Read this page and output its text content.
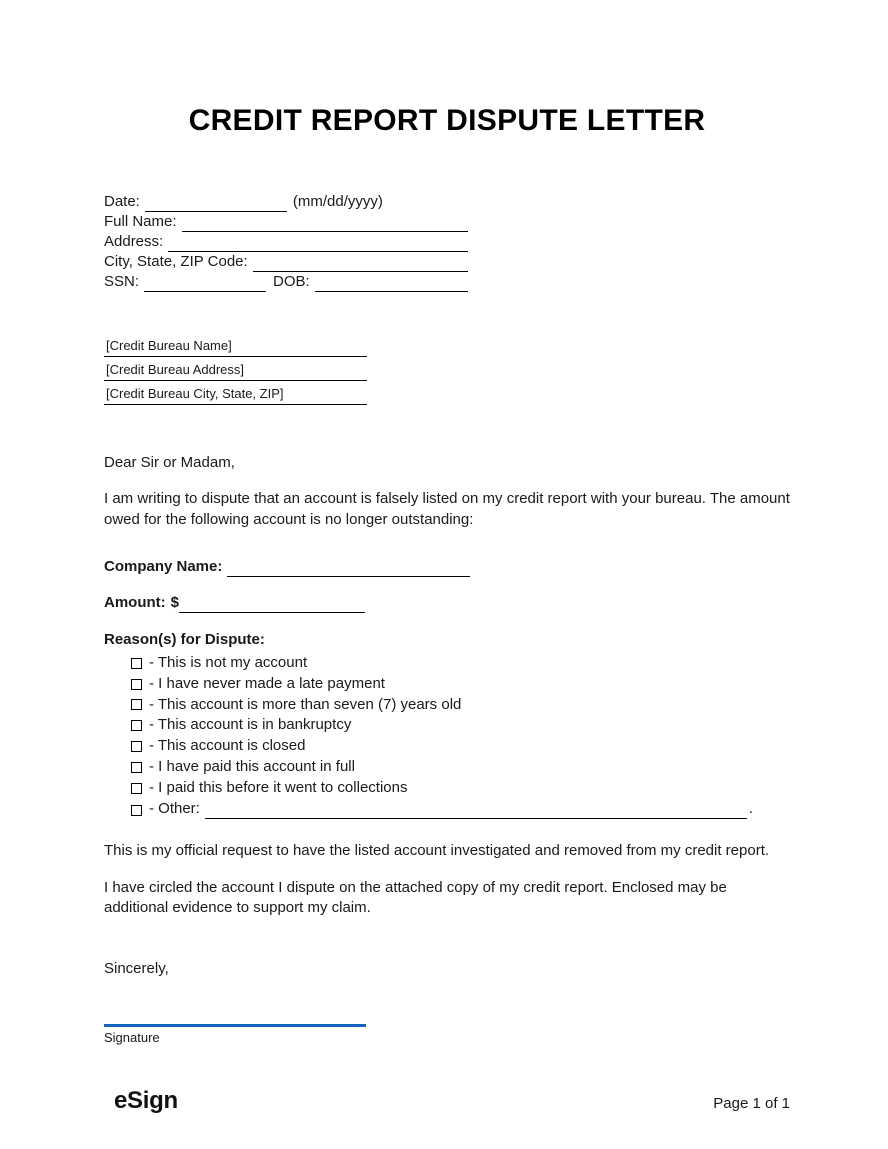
CREDIT REPORT DISPUTE LETTER
Date:	(mm/dd/yyyy)
Full Name:
Address:
City, State, ZIP Code:
SSN:	DOB:
[Credit Bureau Name]
[Credit Bureau Address]
[Credit Bureau City, State, ZIP]

Dear Sir or Madam,

I am writing to dispute that an account is falsely listed on my credit report with your bureau. The amount owed for the following account is no longer outstanding:

Company Name:
Amount: $
Reason(s) for Dispute:
- This is not my account
- I have never made a late payment
- This account is more than seven (7) years old
- This account is in bankruptcy
- This account is closed
- I have paid this account in full
- I paid this before it went to collections
- Other:	.

This is my official request to have the listed account investigated and removed from my credit report.

I have circled the account I dispute on the attached copy of my credit report. Enclosed may be additional evidence to support my claim.

Sincerely,

Signature
eSign	Page 1 of 1
